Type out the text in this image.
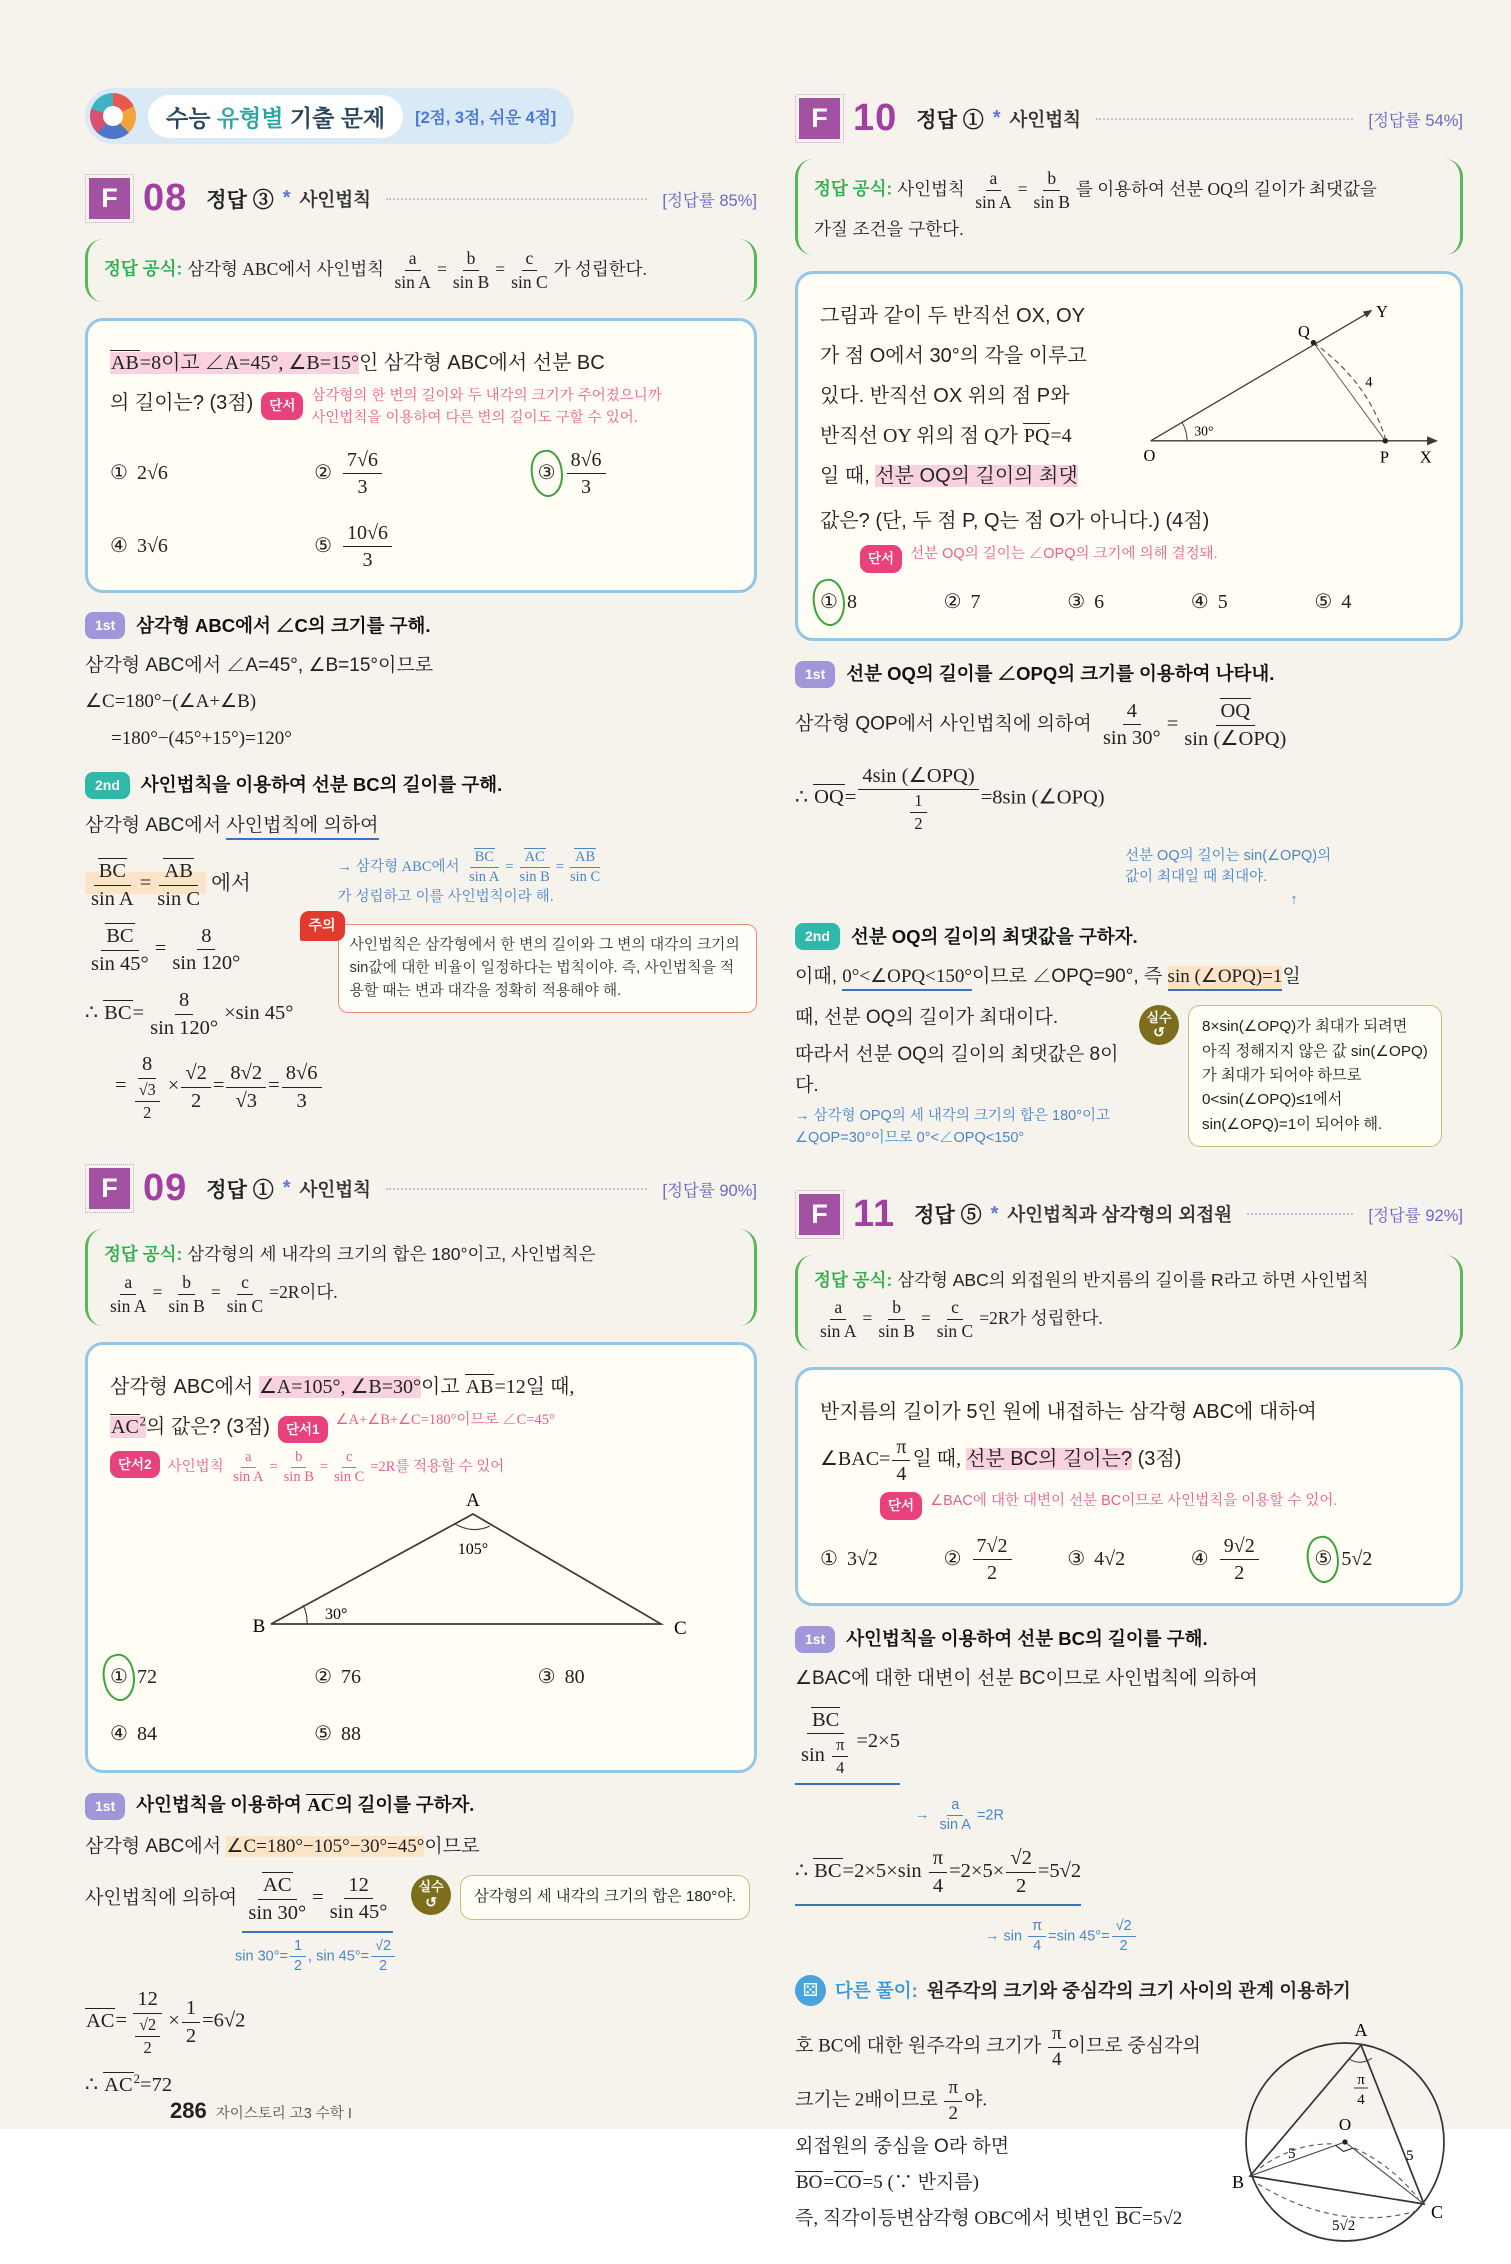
수능 유형별 기출 문제	[2점, 3점, 쉬운 4점]
F 08 정답 ③ * 사인법칙	[정답률 85%]
정답 공식: 삼각형 ABC에서 사인법칙 $\frac{a}{\text{sin A}} = \frac{b}{\text{sin B}} = \frac{c}{\text{sin C}}$ 가 성립한다.

AB=8이고 ∠A=45°, ∠B=15°인 삼각형 ABC에서 선분 BC

의 길이는? (3점)	단서
삼각형의 한 변의 길이와 두 내각의 크기가 주어졌으니까
사인법칙을 이용하여 다른 변의 길이도 구할 수 있어.
① 2√6	② $\frac{7√6}{3}$	③ $\frac{8√6}{3}$
④ 3√6	⑤ $\frac{10√6}{3}$

1st	삼각형 ABC에서 ∠C의 크기를 구해.

삼각형 ABC에서 ∠A=45°, ∠B=15°이므로

∠C=180°−(∠A+∠B)

=180°−(45°+15°)=120°

2nd	사인법칙을 이용하여 선분 BC의 길이를 구해.

삼각형 ABC에서 사인법칙에 의하여

$\frac{BC}{\text{sin A}} = \frac{AB}{\text{sin C}}$ 에서

$\frac{BC}{\sin 45^\circ} = \frac{8}{\sin 120^\circ}$

∴ $BC= \frac{8}{\sin 120^\circ} \times\sin$ 45°

= $\frac{8}{\frac{√3}{2}} \times \frac{√2}{2} = \frac{8√2}{√3} = \frac{8√6}{3}$

→ 삼각형 ABC에서 $\frac{BC}{\text{sin A}} = \frac{AC}{\text{sin B}} = \frac{AB}{\text{sin C}}$

가 성립하고 이를 사인법칙이라 해.

주의
사인법칙은 삼각형에서 한 변의 길이와 그 변의 대각의 크기의 sin값에 대한 비율이 일정하다는 법칙이야. 즉, 사인법칙을 적용할 때는 변과 대각을 정확히 적용해야 해.
F 09 정답 ① * 사인법칙	[정답률 90%]
정답 공식: 삼각형의 세 내각의 크기의 합은 180°이고, 사인법칙은

$\frac{a}{\text{sin A}} = \frac{b}{\text{sin B}} = \frac{c}{\text{sin C}} =2R$이다.

삼각형 ABC에서 ∠A=105°, ∠B=30°이고 AB=12일 때,

$AC^2$의 값은? (3점)	단서1
∠A+∠B+∠C=180°이므로 ∠C=45°
단서2	사인법칙 $\frac{a}{\text{sin A}} = \frac{b}{\text{sin B}} = \frac{c}{\text{sin C}} =2R$를 적용할 수 있어
A
105°
B
30°
C
① 72	② 76	③ 80
④ 84	⑤ 88

1st	사인법칙을 이용하여 AC의 길이를 구하자.

삼각형 ABC에서 ∠C=180°−105°−30°=45°이므로

사인법칙에 의하여 $\frac{AC}{\sin 30^\circ} = \frac{12}{\sin 45^\circ}$

$\sin 30^\circ= \frac{1}{2}$ , $\sin 45^\circ= \frac{√2}{2}$

$AC= \frac{12}{\frac{√2}{2}} \times \frac{1}{2} =6√2$

∴ $AC^2=72$

실수
↺	삼각형의 세 내각의 크기의 합은 180°야.
286 자이스토리 고3 수학 I
F 10 정답 ① * 사인법칙	[정답률 54%]
정답 공식: 사인법칙 $\frac{a}{\text{sin A}} = \frac{b}{\text{sin B}}$ 를 이용하여 선분 OQ의 길이가 최댓값을
가질 조건을 구한다.

그림과 같이 두 반직선 OX, OY

가 점 O에서 30°의 각을 이루고

있다. 반직선 OX 위의 점 P와

반직선 OY 위의 점 Q가 PQ=4

일 때, 선분 OQ의 길이의 최댓

Y
Q
4
30°
O	P X

값은? (단, 두 점 P, Q는 점 O가 아니다.) (4점)

단서	선분 OQ의 길이는 ∠OPQ의 크기에 의해 결정돼.
① 8	② 7	③ 6	④ 5	⑤ 4

1st	선분 OQ의 길이를 ∠OPQ의 크기를 이용하여 나타내.

삼각형 QOP에서 사인법칙에 의하여 $\frac{4}{\sin 30^\circ} = \frac{OQ}{\text{sin (∠OPQ)}}$

∴ $OQ= \frac{\text{4sin (∠OPQ)}}{\frac{1}{2}} =8\sin$ (∠OPQ)

선분 OQ의 길이는 sin(∠OPQ)의
값이 최대일 때 최대야. ↑

2nd	선분 OQ의 길이의 최댓값을 구하자.

이때, 0°<∠OPQ<150°이므로 ∠OPQ=90°, 즉 sin (∠OPQ)=1일

때, 선분 OQ의 길이가 최대이다.

따라서 선분 OQ의 길이의 최댓값은 8이다.

→ 삼각형 OPQ의 세 내각의 크기의 합은 180°이고
∠QOP=30°이므로 0°<∠OPQ<150°

실수
↺	8×sin(∠OPQ)가 최대가 되려면
아직 정해지지 않은 값 sin(∠OPQ)
가 최대가 되어야 하므로
0<sin(∠OPQ)≤1에서
sin(∠OPQ)=1이 되어야 해.
F 11 정답 ⑤ * 사인법칙과 삼각형의 외접원	[정답률 92%]
정답 공식: 삼각형 ABC의 외접원의 반지름의 길이를 R라고 하면 사인법칙

$\frac{a}{\text{sin A}} = \frac{b}{\text{sin B}} = \frac{c}{\text{sin C}} =2R$가 성립한다.

반지름의 길이가 5인 원에 내접하는 삼각형 ABC에 대하여

∠BAC= $\frac{\pi}{4}$ 일 때, 선분 BC의 길이는? (3점)

단서	∠BAC에 대한 대변이 선분 BC이므로 사인법칙을 이용할 수 있어.
① 3√2	② $\frac{7√2}{2}$	③ 4√2	④ $\frac{9√2}{2}$	⑤ 5√2

1st	사인법칙을 이용하여 선분 BC의 길이를 구해.

∠BAC에 대한 대변이 선분 BC이므로 사인법칙에 의하여

$\frac{BC}{\sin \frac{\pi}{4}} =2\times 5$

→ $\frac{a}{\text{sin A}} =2R$

∴ $BC=2\times 5\times\sin \frac{\pi}{4} =2\times 5\times \frac{√2}{2} =5√2$

→ $\sin \frac{\pi}{4} =\sin$ $45^\circ= \frac{√2}{2}$

⚄ 다른 풀이: 원주각의 크기와 중심각의 크기 사이의 관계 이용하기

호 BC에 대한 원주각의 크기가 $\frac{\pi}{4}$ 이므로 중심각의

크기는 2배이므로 $\frac{\pi}{2}$ 야.

외접원의 중심을 O라 하면

BO=CO=5 (∵ 반지름)

즉, 직각이등변삼각형 OBC에서 빗변인 BC=5√2

A
π
4
O
5	5
5√2
B
C
